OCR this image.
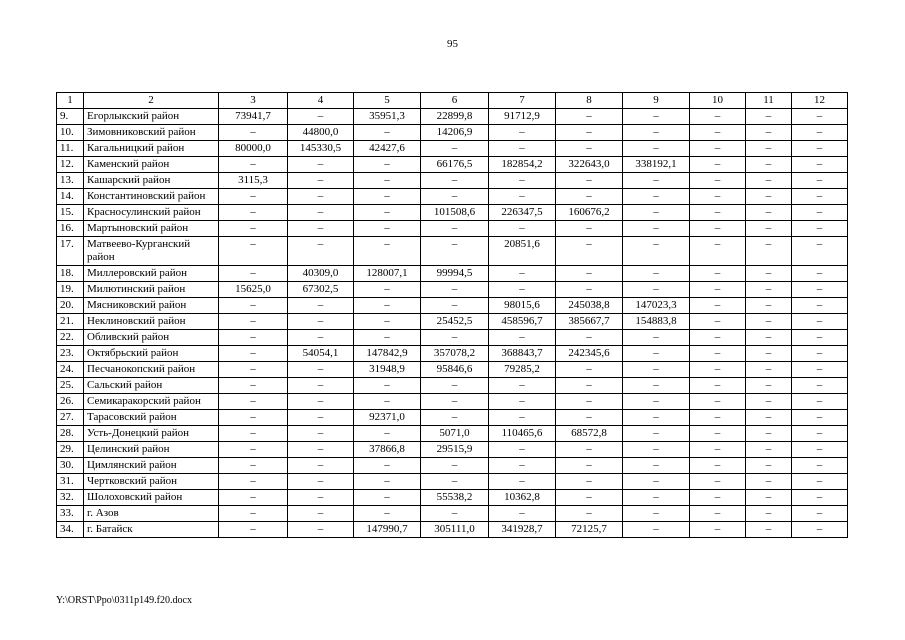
95
1	2	3	4	5	6	7	8	9	10	11	12
9.	Егорлыкский район	73941,7	–	35951,3	22899,8	91712,9	–	–	–	–	–
10.	Зимовниковский район	–	44800,0	–	14206,9	–	–	–	–	–	–
11.	Кагальницкий район	80000,0	145330,5	42427,6	–	–	–	–	–	–	–
12.	Каменский район	–	–	–	66176,5	182854,2	322643,0	338192,1	–	–	–
13.	Кашарский район	3115,3	–	–	–	–	–	–	–	–	–
14.	Константиновский район	–	–	–	–	–	–	–	–	–	–
15.	Красносулинский район	–	–	–	101508,6	226347,5	160676,2	–	–	–	–
16.	Мартыновский район	–	–	–	–	–	–	–	–	–	–
17.	Матвеево-Курганский район	–	–	–	–	20851,6	–	–	–	–	–
18.	Миллеровский район	–	40309,0	128007,1	99994,5	–	–	–	–	–	–
19.	Милютинский район	15625,0	67302,5	–	–	–	–	–	–	–	–
20.	Мясниковский район	–	–	–	–	98015,6	245038,8	147023,3	–	–	–
21.	Неклиновский район	–	–	–	25452,5	458596,7	385667,7	154883,8	–	–	–
22.	Обливский район	–	–	–	–	–	–	–	–	–	–
23.	Октябрьский район	–	54054,1	147842,9	357078,2	368843,7	242345,6	–	–	–	–
24.	Песчанокопский район	–	–	31948,9	95846,6	79285,2	–	–	–	–	–
25.	Сальский район	–	–	–	–	–	–	–	–	–	–
26.	Семикаракорский район	–	–	–	–	–	–	–	–	–	–
27.	Тарасовский район	–	–	92371,0	–	–	–	–	–	–	–
28.	Усть-Донецкий район	–	–	–	5071,0	110465,6	68572,8	–	–	–	–
29.	Целинский район	–	–	37866,8	29515,9	–	–	–	–	–	–
30.	Цимлянский район	–	–	–	–	–	–	–	–	–	–
31.	Чертковский район	–	–	–	–	–	–	–	–	–	–
32.	Шолоховский район	–	–	–	55538,2	10362,8	–	–	–	–	–
33.	г. Азов	–	–	–	–	–	–	–	–	–	–
34.	г. Батайск	–	–	147990,7	305111,0	341928,7	72125,7	–	–	–	–
Y:\ORST\Ppo\0311p149.f20.docx
